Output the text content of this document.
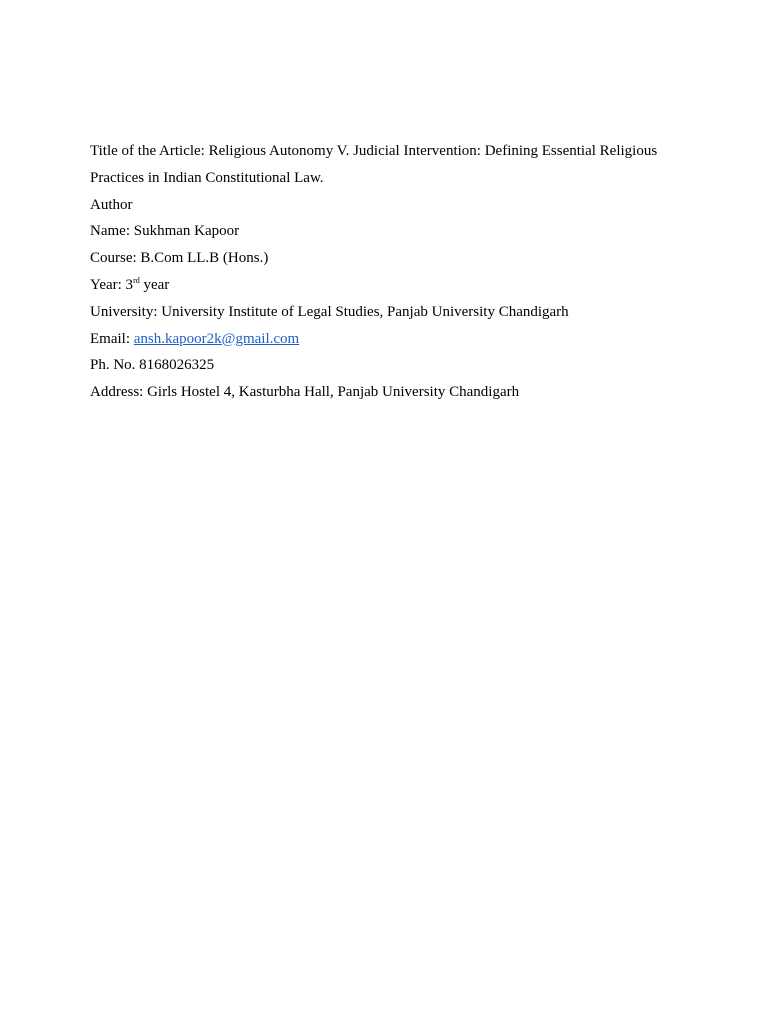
Title of the Article: Religious Autonomy V. Judicial Intervention: Defining Essential Religious Practices in Indian Constitutional Law.

Author

Name: Sukhman Kapoor

Course: B.Com LL.B (Hons.)

Year: 3rd year

University: University Institute of Legal Studies, Panjab University Chandigarh

Email: ansh.kapoor2k@gmail.com

Ph. No. 8168026325

Address: Girls Hostel 4, Kasturbha Hall, Panjab University Chandigarh
